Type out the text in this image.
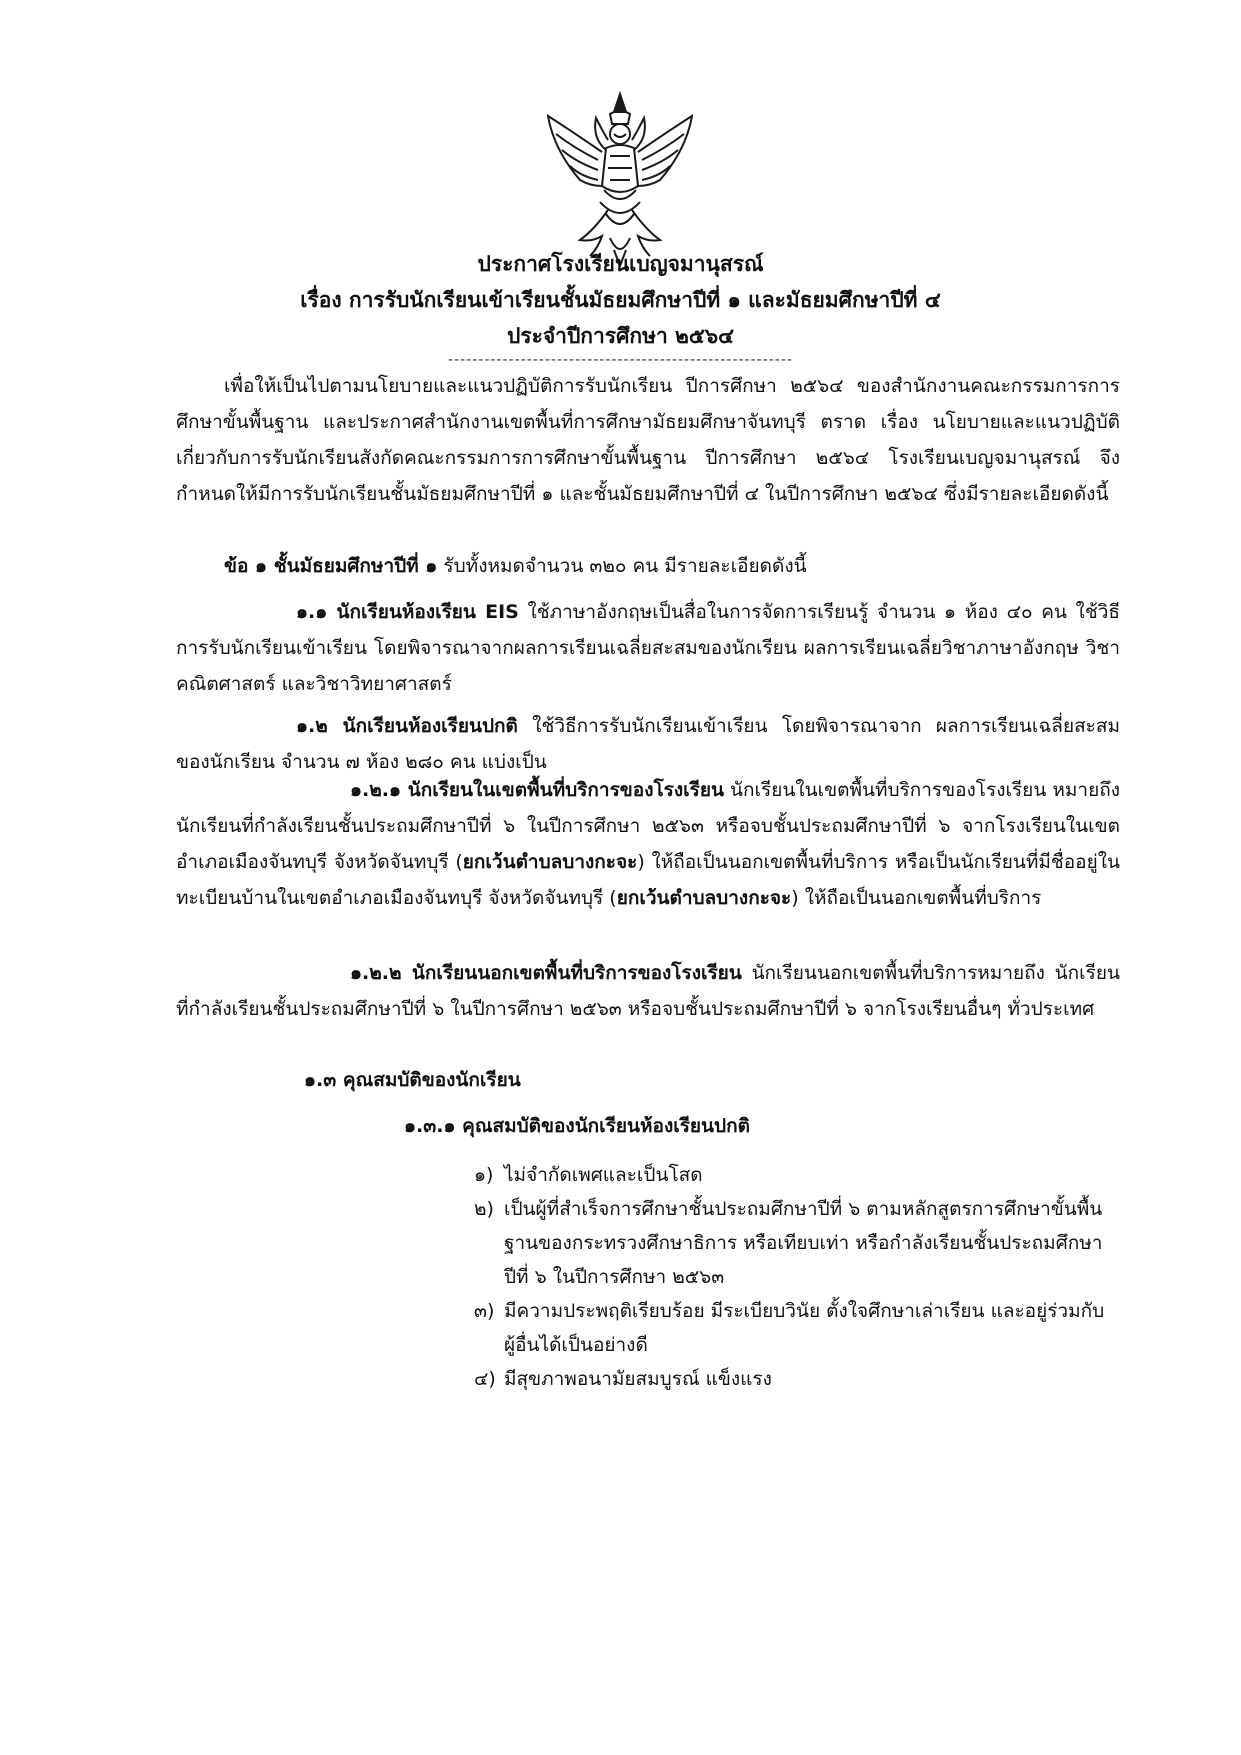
ประกาศโรงเรียนเบญจมานุสรณ์
เรื่อง การรับนักเรียนเข้าเรียนชั้นมัธยมศึกษาปีที่ ๑ และมัธยมศึกษาปีที่ ๔
ประจำปีการศึกษา ๒๕๖๔
---------------------------------------------------------

เพื่อให้เป็นไปตามนโยบายและแนวปฏิบัติการรับนักเรียน ปีการศึกษา ๒๕๖๔ ของสำนักงานคณะกรรมการการศึกษาขั้นพื้นฐาน และประกาศสำนักงานเขตพื้นที่การศึกษามัธยมศึกษาจันทบุรี ตราด เรื่อง นโยบายและแนวปฏิบัติเกี่ยวกับการรับนักเรียนสังกัดคณะกรรมการการศึกษาขั้นพื้นฐาน ปีการศึกษา ๒๕๖๔ โรงเรียนเบญจมานุสรณ์ จึงกำหนดให้มีการรับนักเรียนชั้นมัธยมศึกษาปีที่ ๑ และชั้นมัธยมศึกษาปีที่ ๔ ในปีการศึกษา ๒๕๖๔ ซึ่งมีรายละเอียดดังนี้

ข้อ ๑ ชั้นมัธยมศึกษาปีที่ ๑ รับทั้งหมดจำนวน ๓๒๐ คน มีรายละเอียดดังนี้

๑.๑ นักเรียนห้องเรียน EIS ใช้ภาษาอังกฤษเป็นสื่อในการจัดการเรียนรู้ จำนวน ๑ ห้อง ๔๐ คน ใช้วิธีการรับนักเรียนเข้าเรียน โดยพิจารณาจากผลการเรียนเฉลี่ยสะสมของนักเรียน ผลการเรียนเฉลี่ยวิชาภาษาอังกฤษ วิชาคณิตศาสตร์ และวิชาวิทยาศาสตร์

๑.๒ นักเรียนห้องเรียนปกติ ใช้วิธีการรับนักเรียนเข้าเรียน โดยพิจารณาจาก ผลการเรียนเฉลี่ยสะสมของนักเรียน จำนวน ๗ ห้อง ๒๘๐ คน แบ่งเป็น

๑.๒.๑ นักเรียนในเขตพื้นที่บริการของโรงเรียน นักเรียนในเขตพื้นที่บริการของโรงเรียน หมายถึง นักเรียนที่กำลังเรียนชั้นประถมศึกษาปีที่ ๖ ในปีการศึกษา ๒๕๖๓ หรือจบชั้นประถมศึกษาปีที่ ๖ จากโรงเรียนในเขตอำเภอเมืองจันทบุรี จังหวัดจันทบุรี (ยกเว้นตำบลบางกะจะ) ให้ถือเป็นนอกเขตพื้นที่บริการ หรือเป็นนักเรียนที่มีชื่ออยู่ในทะเบียนบ้านในเขตอำเภอเมืองจันทบุรี จังหวัดจันทบุรี (ยกเว้นตำบลบางกะจะ) ให้ถือเป็นนอกเขตพื้นที่บริการ

๑.๒.๒ นักเรียนนอกเขตพื้นที่บริการของโรงเรียน นักเรียนนอกเขตพื้นที่บริการหมายถึง นักเรียนที่กำลังเรียนชั้นประถมศึกษาปีที่ ๖ ในปีการศึกษา ๒๕๖๓ หรือจบชั้นประถมศึกษาปีที่ ๖ จากโรงเรียนอื่นๆ ทั่วประเทศ

๑.๓ คุณสมบัติของนักเรียน

๑.๓.๑ คุณสมบัติของนักเรียนห้องเรียนปกติ

๑) ไม่จำกัดเพศและเป็นโสด
๒) เป็นผู้ที่สำเร็จการศึกษาชั้นประถมศึกษาปีที่ ๖ ตามหลักสูตรการศึกษาขั้นพื้นฐานของกระทรวงศึกษาธิการ หรือเทียบเท่า หรือกำลังเรียนชั้นประถมศึกษาปีที่ ๖ ในปีการศึกษา ๒๕๖๓
๓) มีความประพฤติเรียบร้อย มีระเบียบวินัย ตั้งใจศึกษาเล่าเรียน และอยู่ร่วมกับผู้อื่นได้เป็นอย่างดี
๔) มีสุขภาพอนามัยสมบูรณ์ แข็งแรง
